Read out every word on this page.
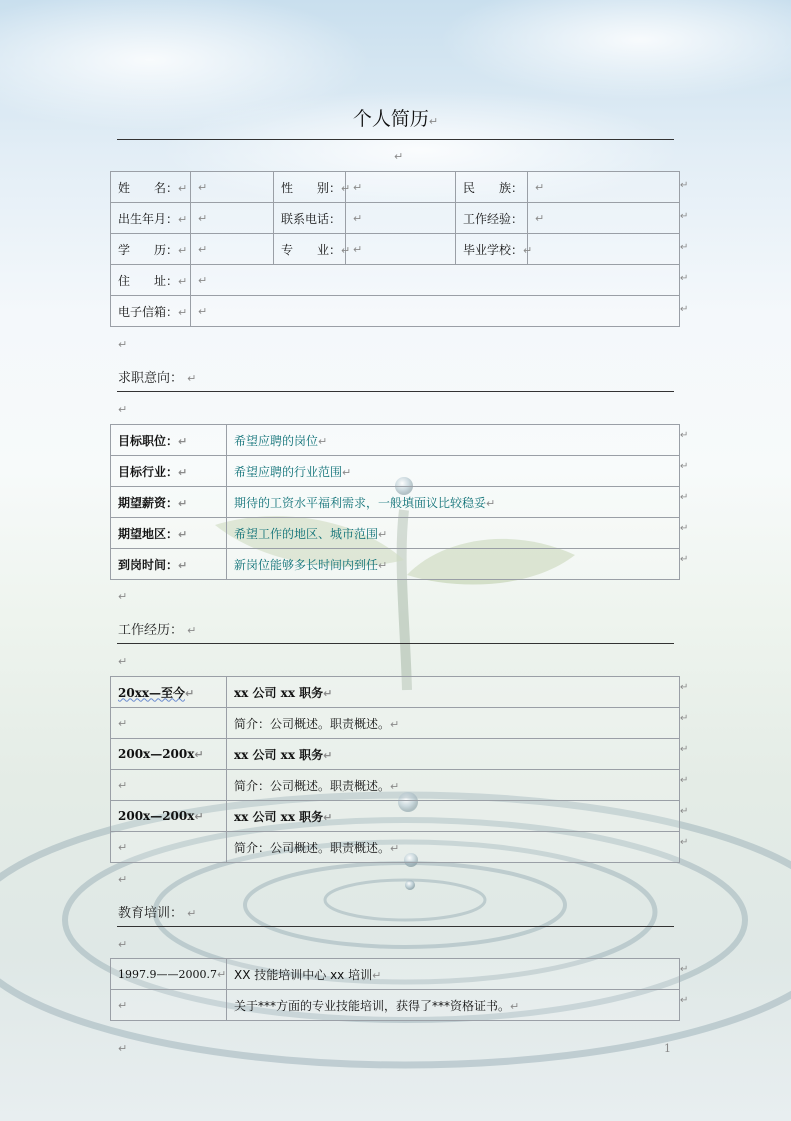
个人简历↵
↵
姓　　名：↵	↵	性　　别：↵	↵	民　　族：	↵
出生年月：↵	↵	联系电话：	↵	工作经验：	↵
学　　历：↵	↵	专　　业：↵	↵	毕业学校：↵	
住　　址：↵	↵				
电子信箱：↵	↵				
↵
↵
↵
↵
↵
↵
求职意向： ↵
↵
目标职位：↵	希望应聘的岗位↵
目标行业：↵	希望应聘的行业范围↵
期望薪资：↵	期待的工资水平福利需求，一般填面议比较稳妥↵
期望地区：↵	希望工作的地区、城市范围↵
到岗时间：↵	新岗位能够多长时间内到任↵
↵
↵
↵
↵
↵
↵
工作经历： ↵
↵
20xx—至今↵	xx 公司 xx 职务↵
↵	简介：公司概述。职责概述。↵
200x—200x↵	xx 公司 xx 职务↵
↵	简介：公司概述。职责概述。↵
200x—200x↵	xx 公司 xx 职务↵
↵	简介：公司概述。职责概述。↵
↵
↵
↵
↵
↵
↵
↵
教育培训： ↵
↵
1997.9——2000.7↵	XX 技能培训中心 xx 培训↵
↵	关于***方面的专业技能培训，获得了***资格证书。↵
↵
↵
↵	1
